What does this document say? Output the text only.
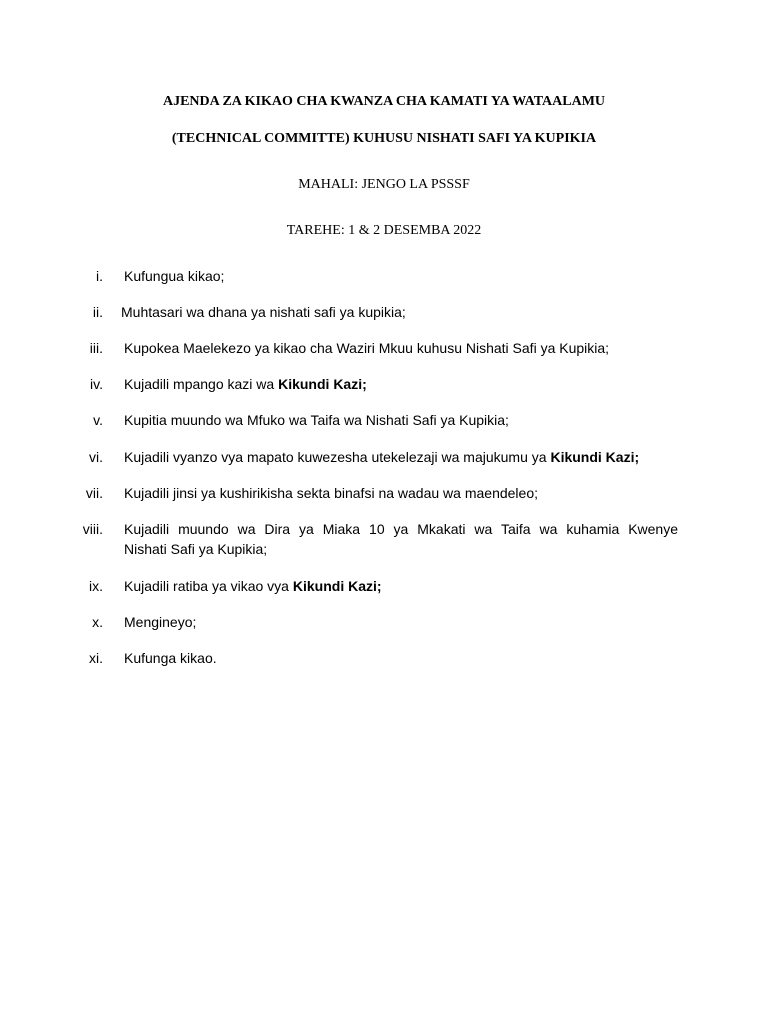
AJENDA ZA KIKAO CHA KWANZA CHA KAMATI YA WATAALAMU
(TECHNICAL COMMITTE) KUHUSU NISHATI SAFI YA KUPIKIA
MAHALI: JENGO LA PSSSF
TAREHE: 1 & 2 DESEMBA 2022
i. Kufungua kikao;
ii. Muhtasari wa dhana ya nishati safi ya kupikia;
iii. Kupokea Maelekezo ya kikao cha Waziri Mkuu kuhusu Nishati Safi ya Kupikia;
iv. Kujadili mpango kazi wa Kikundi Kazi;
v. Kupitia muundo wa Mfuko wa Taifa wa Nishati Safi ya Kupikia;
vi. Kujadili vyanzo vya mapato kuwezesha utekelezaji wa majukumu ya Kikundi Kazi;
vii. Kujadili jinsi ya kushirikisha sekta binafsi na wadau wa maendeleo;
viii. Kujadili muundo wa Dira ya Miaka 10 ya Mkakati wa Taifa wa kuhamia Kwenye
Nishati Safi ya Kupikia;
ix. Kujadili ratiba ya vikao vya Kikundi Kazi;
x. Mengineyo;
xi. Kufunga kikao.
